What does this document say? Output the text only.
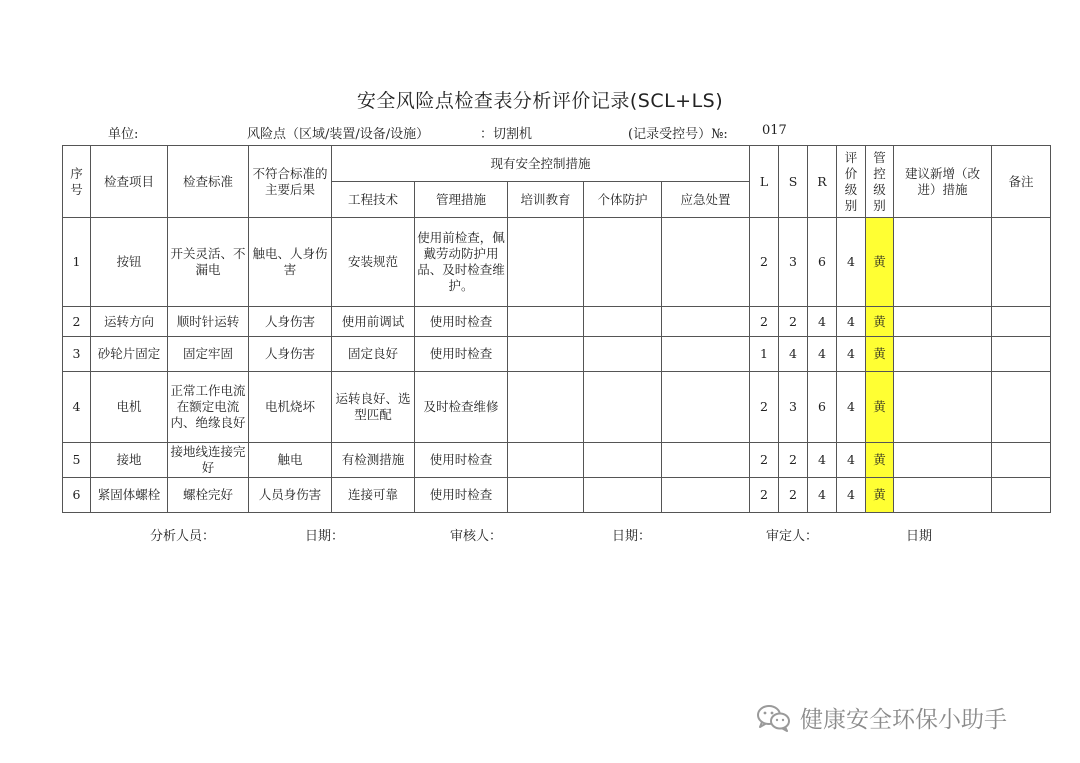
安全风险点检查表分析评价记录(SCL+LS)
单位:	风险点（区域/装置/设备/设施）	：切割机	(记录受控号）№:	017
序号	检查项目	检查标准	不符合标准的主要后果	现有安全控制措施					L	S	R	评价级别	管控级别	建议新增（改进）措施	备注
				工程技术	管理措施	培训教育	个体防护	应急处置							
1	按钮	开关灵活、不漏电	触电、人身伤害	安装规范	使用前检查，佩戴劳动防护用品、及时检查维护。				2	3	6	4	黄		
2	运转方向	顺时针运转	人身伤害	使用前调试	使用时检查				2	2	4	4	黄		
3	砂轮片固定	固定牢固	人身伤害	固定良好	使用时检查				1	4	4	4	黄		
4	电机	正常工作电流在额定电流内、绝缘良好	电机烧坏	运转良好、选型匹配	及时检查维修				2	3	6	4	黄		
5	接地	接地线连接完好	触电	有检测措施	使用时检查				2	2	4	4	黄		
6	紧固体螺栓	螺栓完好	人员身伤害	连接可靠	使用时检查				2	2	4	4	黄		
分析人员：	日期：	审核人：	日期：	审定人：	日期
健康安全环保小助手
